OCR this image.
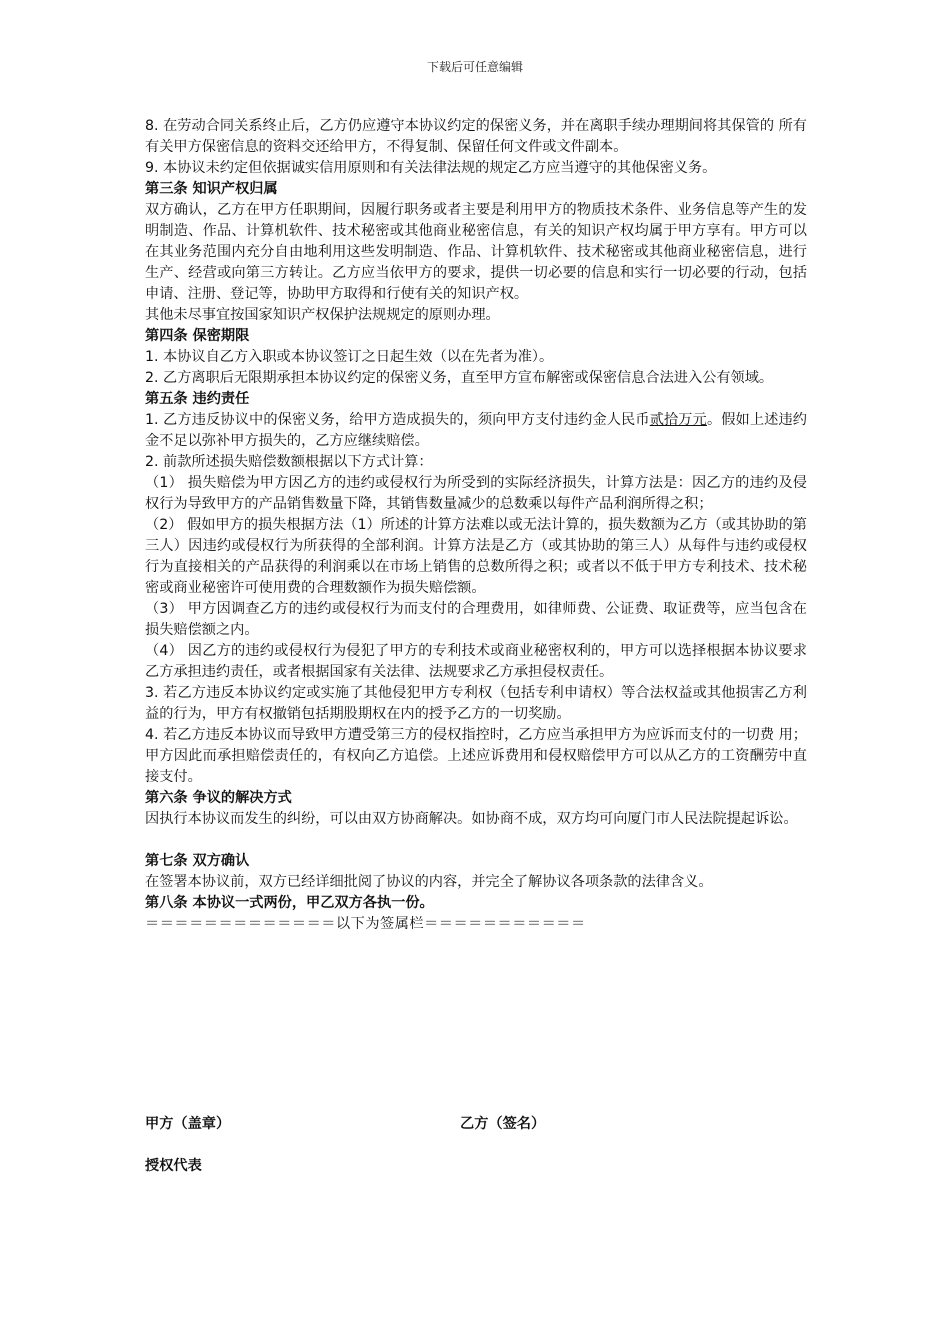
下载后可任意编辑

8. 在劳动合同关系终止后，乙方仍应遵守本协议约定的保密义务，并在离职手续办理期间将其保管的 所有有关甲方保密信息的资料交还给甲方，不得复制、保留任何文件或文件副本。

9. 本协议未约定但依据诚实信用原则和有关法律法规的规定乙方应当遵守的其他保密义务。

第三条 知识产权归属

双方确认，乙方在甲方任职期间，因履行职务或者主要是利用甲方的物质技术条件、业务信息等产生的发明制造、作品、计算机软件、技术秘密或其他商业秘密信息，有关的知识产权均属于甲方享有。甲方可以在其业务范围内充分自由地利用这些发明制造、作品、计算机软件、技术秘密或其他商业秘密信息，进行生产、经营或向第三方转让。乙方应当依甲方的要求，提供一切必要的信息和实行一切必要的行动，包括申请、注册、登记等，协助甲方取得和行使有关的知识产权。

其他未尽事宜按国家知识产权保护法规规定的原则办理。

第四条 保密期限

1. 本协议自乙方入职或本协议签订之日起生效（以在先者为准）。

2. 乙方离职后无限期承担本协议约定的保密义务，直至甲方宣布解密或保密信息合法进入公有领域。

第五条 违约责任

1. 乙方违反协议中的保密义务，给甲方造成损失的，须向甲方支付违约金人民币贰拾万元。假如上述违约金不足以弥补甲方损失的，乙方应继续赔偿。

2. 前款所述损失赔偿数额根据以下方式计算：

（1） 损失赔偿为甲方因乙方的违约或侵权行为所受到的实际经济损失，计算方法是：因乙方的违约及侵权行为导致甲方的产品销售数量下降，其销售数量减少的总数乘以每件产品利润所得之积；

（2） 假如甲方的损失根据方法（1）所述的计算方法难以或无法计算的，损失数额为乙方（或其协助的第三人）因违约或侵权行为所获得的全部利润。计算方法是乙方（或其协助的第三人）从每件与违约或侵权行为直接相关的产品获得的利润乘以在市场上销售的总数所得之积；或者以不低于甲方专利技术、技术秘密或商业秘密许可使用费的合理数额作为损失赔偿额。

（3） 甲方因调查乙方的违约或侵权行为而支付的合理费用，如律师费、公证费、取证费等，应当包含在损失赔偿额之内。

（4） 因乙方的违约或侵权行为侵犯了甲方的专利技术或商业秘密权利的，甲方可以选择根据本协议要求乙方承担违约责任，或者根据国家有关法律、法规要求乙方承担侵权责任。

3. 若乙方违反本协议约定或实施了其他侵犯甲方专利权（包括专利申请权）等合法权益或其他损害乙方利益的行为，甲方有权撤销包括期股期权在内的授予乙方的一切奖励。

4. 若乙方违反本协议而导致甲方遭受第三方的侵权指控时，乙方应当承担甲方为应诉而支付的一切费 用；甲方因此而承担赔偿责任的，有权向乙方追偿。上述应诉费用和侵权赔偿甲方可以从乙方的工资酬劳中直接支付。

第六条 争议的解决方式

因执行本协议而发生的纠纷，可以由双方协商解决。如协商不成，双方均可向厦门市人民法院提起诉讼。

第七条 双方确认

在签署本协议前，双方已经详细批阅了协议的内容，并完全了解协议各项条款的法律含义。

第八条 本协议一式两份，甲乙双方各执一份。

＝＝＝＝＝＝＝＝＝＝＝＝＝以下为签属栏＝＝＝＝＝＝＝＝＝＝＝

甲方（盖章）	乙方（签名）
授权代表
